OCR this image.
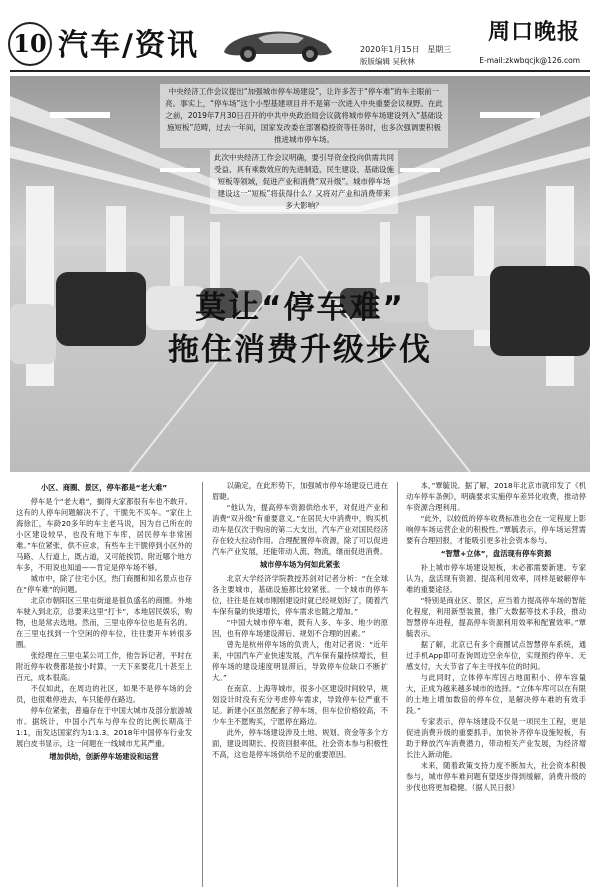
10 汽车/资讯	周口晚报
2020年1月15日 星期三
版版编辑 吴秋林	E-mail:zkwbqcjk@126.com
中央经济工作会议提出“加强城市停车场建设”，让许多苦于“停车难”的车主眼前一亮。事实上，“停车场”这个小型基建项目并不是第一次进入中央重要会议视野。在此之前，2019年7月30日召开的中共中央政治局会议就将城市停车场建设列入“基础设施短板”范畴，过去一年间，国家发改委在部署稳投资等任务时，也多次强调要积极推进城市停车场。
此次中央经济工作会议明确，要引导资金投向供需共同受益、具有乘数效应的先进制造、民生建设、基础设施短板等领域，促进产业和消费“双升级”。城市停车场建设这一“短板”将获得什么？又将对产业和消费带来多大影响？
莫让“停车难”
拖住消费升级步伐
小区、商圈、景区，停车都是“老大难”

停车是个“老大难”，搁得大家都很有车也不敢开。这有的人停车问题解决不了，干脆先不买车。“家住上海徐汇，车龄20多年的车主老马说，因为自己所在的小区建设较早，也没有地下车库，居民停车非常困难。”车位紧张，供不应求，有些车主干脆停到小区外的马路、人行道上，既占道，又可能挨罚。附近哪个地方车多，不用说也知道——肯定是停车场不够。

城市中，除了住宅小区，热门商圈和知名景点也存在“停车难”的问题。

北京市朝阳区三里屯街道是很负盛名的商圈。外地车驶入到北京，总要来这里“打卡”，本地居民娱乐，购物，也是常去选地。然而，三里屯停车位也是有名的。在三里屯找到一个空闲的停车位，往往要开车转很多圈。

张经理在三里屯某公司工作，他告诉记者，平时在附近停车收费都是按小时算，一天下来要花几十甚至上百元，成本很高。

不仅如此，在周边的社区，如果不是停车场的会员，也很难停进去，车只能停在路边。

停车位紧张，普遍存在于中国大城市及部分旅游城市。据统计，中国小汽车与停车位的比例长期高于1:1，而发达国家约为1:1.3。2018年中国停车行业发展白皮书显示，这一问题在一线城市尤其严重。

增加供给，创新停车场建设和运营

以确定，在此形势下，加强城市停车场建设已进在眉睫。

“他认为，提高停车资源供给水平，对促进产业和消费“双升级”有重要意义。”在居民大中消费中，购买机动车是仅次于购房的第二大支出，汽车产业对国民经济存在较大拉动作用。合理配置停车资源，除了可以促进汽车产业发展，还能带动人流、物流，继而促进消费。

城市停车场为何如此紧张

北京大学经济学院教授苏剑对记者分析：“在全球各主要城市，基础设施都比较紧张。一个城市的停车位，往往是在城市刚刚建设时就已经规划好了，随着汽车保有量的快速增长，停车需求也随之增加。”

“中国大城市停车难，既有人多、车多、地少的原因，也有停车场建设滞后、规划不合理的因素。”

曾先是杭州停车场的负责人，他对记者说：“近年来，中国汽车产业快速发展，汽车保有量持续增长，但停车场的建设速度明显滞后，导致停车位缺口不断扩大。”

在南京、上海等城市，很多小区建设时间较早，规划设计时没有充分考虑停车需求，导致停车位严重不足。新建小区虽然配套了停车场，但车位价格较高，不少车主不愿购买，宁愿停在路边。

此外，停车场建设涉及土地、规划、资金等多个方面，建设周期长、投资回报率低，社会资本参与积极性不高，这也是停车场供给不足的重要原因。

本，”覃毓说。据了解，2018年北京市就印发了《机动车停车条例》，明确要求实施停车差异化收费，推动停车资源合理利用。

“此外，以较低的停车收费标准也会在一定程度上影响停车场运营企业的积极性。”覃毓表示，停车场运营需要有合理回报，才能吸引更多社会资本参与。

“智慧+立体”，盘活现有停车资源

补上城市停车场建设短板，未必都需要新建。专家认为，盘活现有资源、提高利用效率，同样是破解停车难的重要途径。

“特别是商业区、景区，应当着力提高停车场的智能化程度，利用新型装置，推广大数据等技术手段，推动智慧停车进程，提高停车资源利用效率和配置效率。”覃毓表示。

据了解，北京已有多个商圈试点智慧停车系统，通过手机App即可查询周边空余车位，实现预约停车、无感支付，大大节省了车主寻找车位的时间。

与此同时，立体停车库因占地面积小、停车容量大，正成为越来越多城市的选择。“立体车库可以在有限的土地上增加数倍的停车位，是解决停车难的有效手段。”

专家表示，停车场建设不仅是一项民生工程，更是促进消费升级的重要抓手。加快补齐停车设施短板，有助于释放汽车消费潜力，带动相关产业发展，为经济增长注入新动能。

未来，随着政策支持力度不断加大，社会资本积极参与，城市停车难问题有望逐步得到缓解，消费升级的步伐也将更加稳健。（据人民日报）
